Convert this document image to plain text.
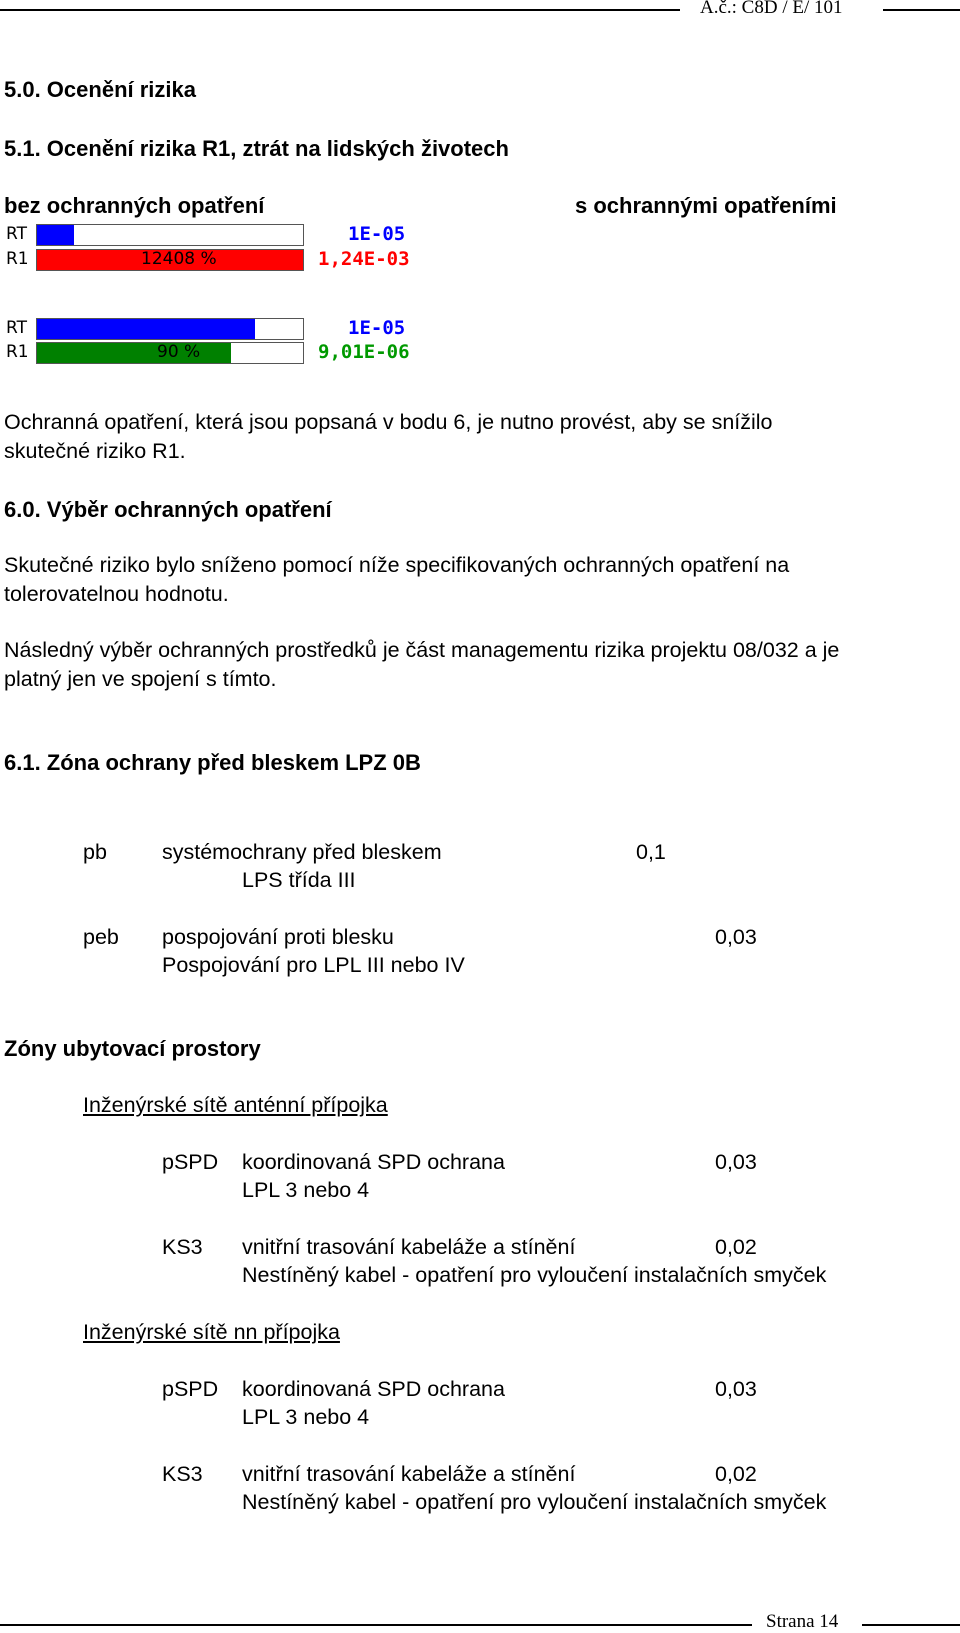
A.č.: C8D / E/ 101
5.0. Ocenění rizika
5.1. Ocenění rizika R1, ztrát na lidských životech
bez ochranných opatření	s ochrannými opatřeními
RT	1E-05
R1	12408 %	1,24E-03
RT	1E-05
R1	90 %	9,01E-06
Ochranná opatření, která jsou popsaná v bodu 6, je nutno provést, aby se snížilo
skutečné riziko R1.
6.0. Výběr ochranných opatření
Skutečné riziko bylo sníženo pomocí níže specifikovaných ochranných opatření na
tolerovatelnou hodnotu.
Následný výběr ochranných prostředků je část managementu rizika projektu 08/032 a je
platný jen ve spojení s tímto.
6.1. Zóna ochrany před bleskem LPZ 0B
pb	systémochrany před bleskem	0,1
LPS třída III
peb pospojování proti blesku	0,03
Pospojování pro LPL III nebo IV
Zóny ubytovací prostory
Inženýrské sítě anténní přípojka
pSPD koordinovaná SPD ochrana	0,03
LPL 3 nebo 4
KS3 vnitřní trasování kabeláže a stínění	0,02
Nestíněný kabel - opatření pro vyloučení instalačních smyček
Inženýrské sítě nn přípojka
pSPD koordinovaná SPD ochrana	0,03
LPL 3 nebo 4
KS3 vnitřní trasování kabeláže a stínění	0,02
Nestíněný kabel - opatření pro vyloučení instalačních smyček
Strana 14
